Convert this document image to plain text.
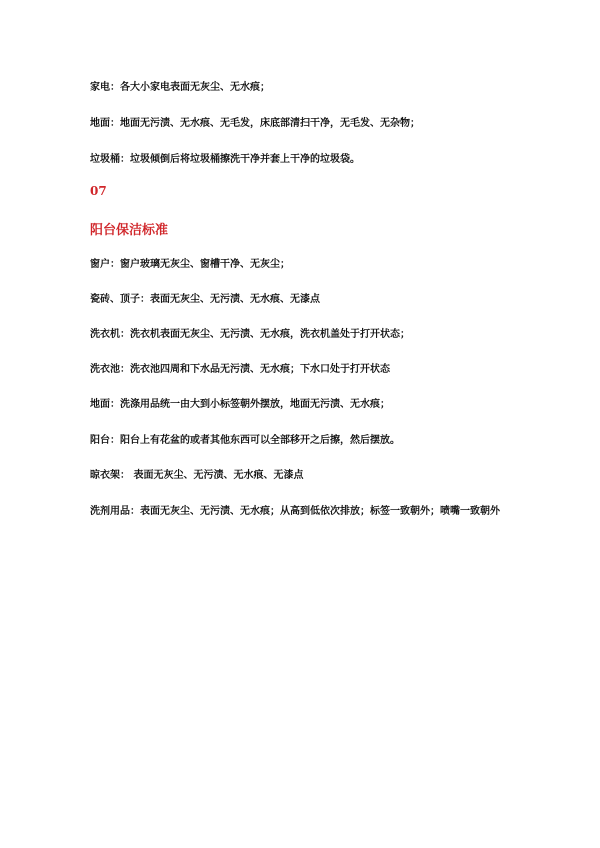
家电：各大小家电表面无灰尘、无水痕；
地面：地面无污渍、无水痕、无毛发，床底部清扫干净，无毛发、无杂物；
垃圾桶：垃圾倾倒后将垃圾桶擦洗干净并套上干净的垃圾袋。
07
阳台保洁标准
窗户：窗户玻璃无灰尘、窗槽干净、无灰尘；
瓷砖、顶子：表面无灰尘、无污渍、无水痕、无漆点
洗衣机：洗衣机表面无灰尘、无污渍、无水痕，洗衣机盖处于打开状态；
洗衣池：洗衣池四周和下水品无污渍、无水痕；下水口处于打开状态
地面：洗涤用品统一由大到小标签朝外摆放，地面无污渍、无水痕；
阳台：阳台上有花盆的或者其他东西可以全部移开之后擦，然后摆放。
晾衣架： 表面无灰尘、无污渍、无水痕、无漆点
洗剂用品：表面无灰尘、无污渍、无水痕；从高到低依次排放；标签一致朝外；喷嘴一致朝外
